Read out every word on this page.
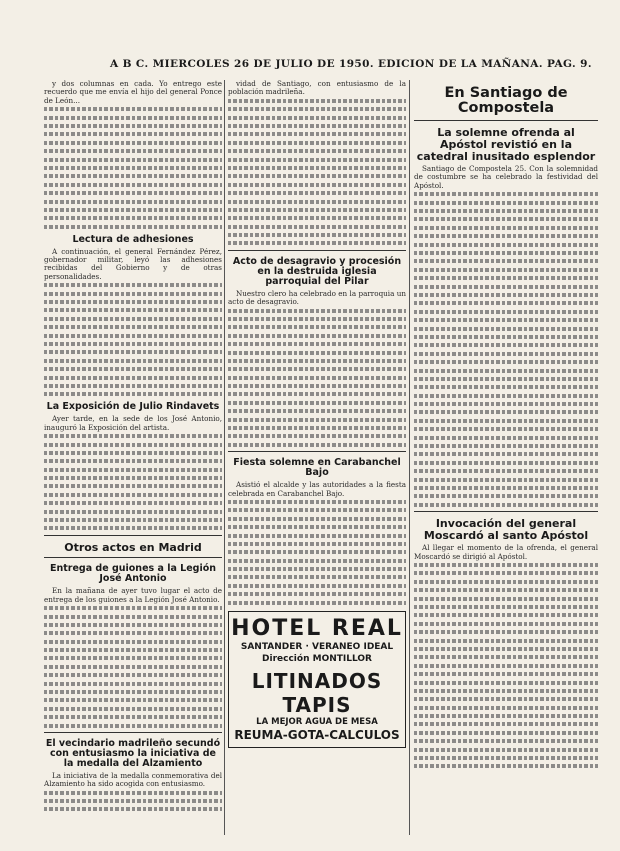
A B C. MIERCOLES 26 DE JULIO DE 1950. EDICION DE LA MAÑANA. PAG. 9.

y dos columnas en cada. Yo entrego este recuerdo que me envía el hijo del general Ponce de León...

Lectura de adhesiones

A continuación, el general Fernández Pérez, gobernador militar, leyó las adhesiones recibidas del Gobierno y de otras personalidades.

La Exposición de Julio Rindavets

Ayer tarde, en la sede de los José Antonio, inauguró la Exposición del artista.

Otros actos en Madrid
Entrega de guiones a la Legión José Antonio

En la mañana de ayer tuvo lugar el acto de entrega de los guiones a la Legión José Antonio.

El vecindario madrileño secundó con entusiasmo la iniciativa de la medalla del Alzamiento

La iniciativa de la medalla conmemorativa del Alzamiento ha sido acogida con entusiasmo.

vidad de Santiago, con entusiasmo de la población madrileña.

Acto de desagravio y procesión en la destruida iglesia parroquial del Pilar

Nuestro clero ha celebrado en la parroquia un acto de desagravio.

Fiesta solemne en Carabanchel Bajo

Asistió el alcalde y las autoridades a la fiesta celebrada en Carabanchel Bajo.

HOTEL REAL
SANTANDER · VERANEO IDEAL
Dirección MONTILLOR
LITINADOS TAPIS
LA MEJOR AGUA DE MESA
REUMA-GOTA-CALCULOS
En Santiago de Compostela
La solemne ofrenda al Apóstol revistió en la catedral inusitado esplendor

Santiago de Compostela 25. Con la solemnidad de costumbre se ha celebrado la festividad del Apóstol.

Invocación del general Moscardó al santo Apóstol

Al llegar el momento de la ofrenda, el general Moscardó se dirigió al Apóstol.
